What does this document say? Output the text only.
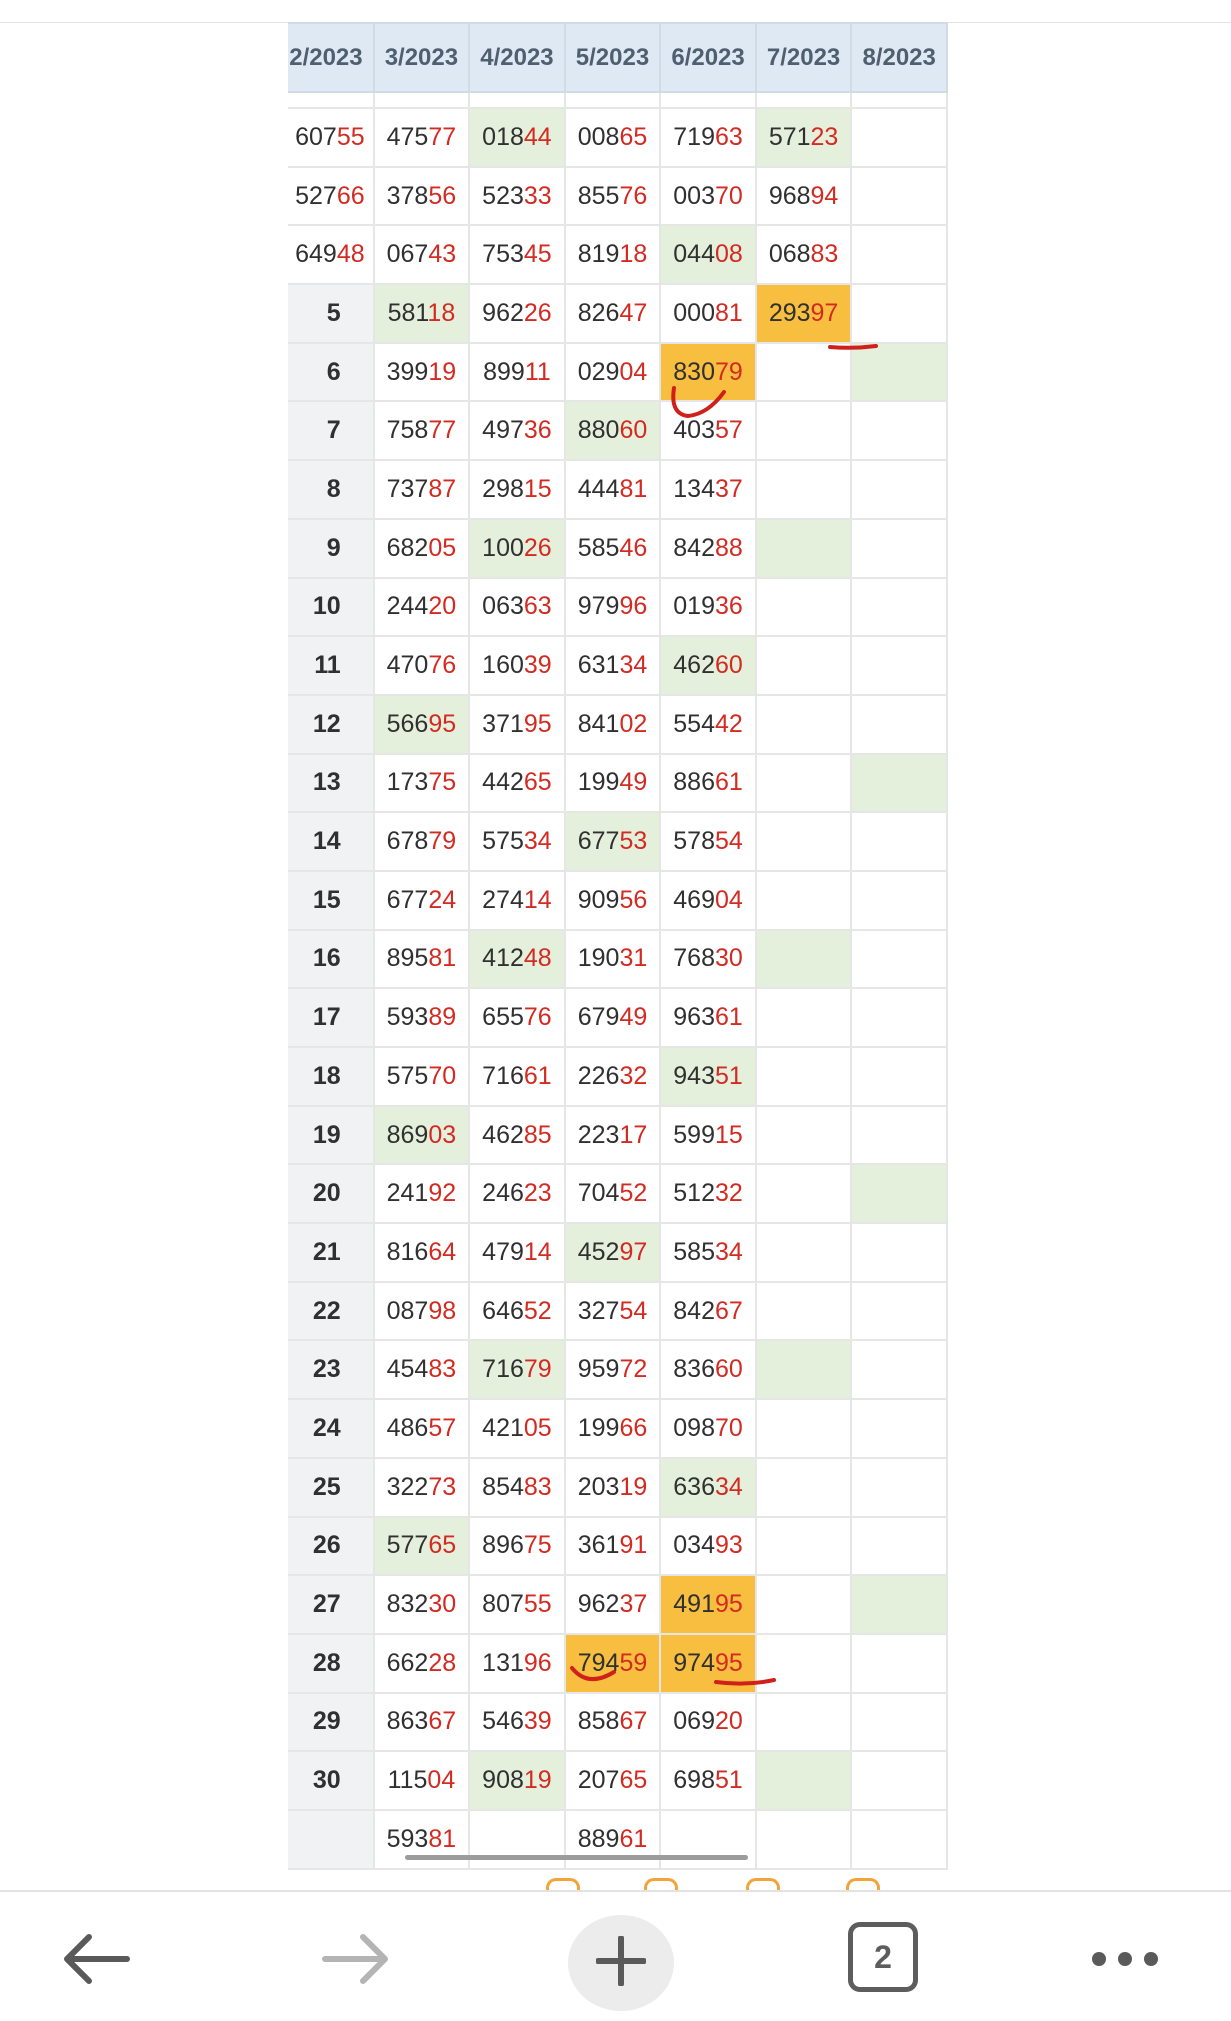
2/2023	3/2023	4/2023	5/2023	6/2023	7/2023	8/2023

60755	47577	01844	00865	71963	57123	
52766	37856	52333	85576	00370	96894	
64948	06743	75345	81918	04408	06883	
5	58118	96226	82647	00081	29397	
6	39919	89911	02904	83079		
7	75877	49736	88060	40357		
8	73787	29815	44481	13437		
9	68205	10026	58546	84288		
10	24420	06363	97996	01936		
11	47076	16039	63134	46260		
12	56695	37195	84102	55442		
13	17375	44265	19949	88661		
14	67879	57534	67753	57854		
15	67724	27414	90956	46904		
16	89581	41248	19031	76830		
17	59389	65576	67949	96361		
18	57570	71661	22632	94351		
19	86903	46285	22317	59915		
20	24192	24623	70452	51232		
21	81664	47914	45297	58534		
22	08798	64652	32754	84267		
23	45483	71679	95972	83660		
24	48657	42105	19966	09870		
25	32273	85483	20319	63634		
26	57765	89675	36191	03493		
27	83230	80755	96237	49195		
28	66228	13196	79459	97495		
29	86367	54639	85867	06920		
30	11504	90819	20765	69851		
	59381		88961			
2
